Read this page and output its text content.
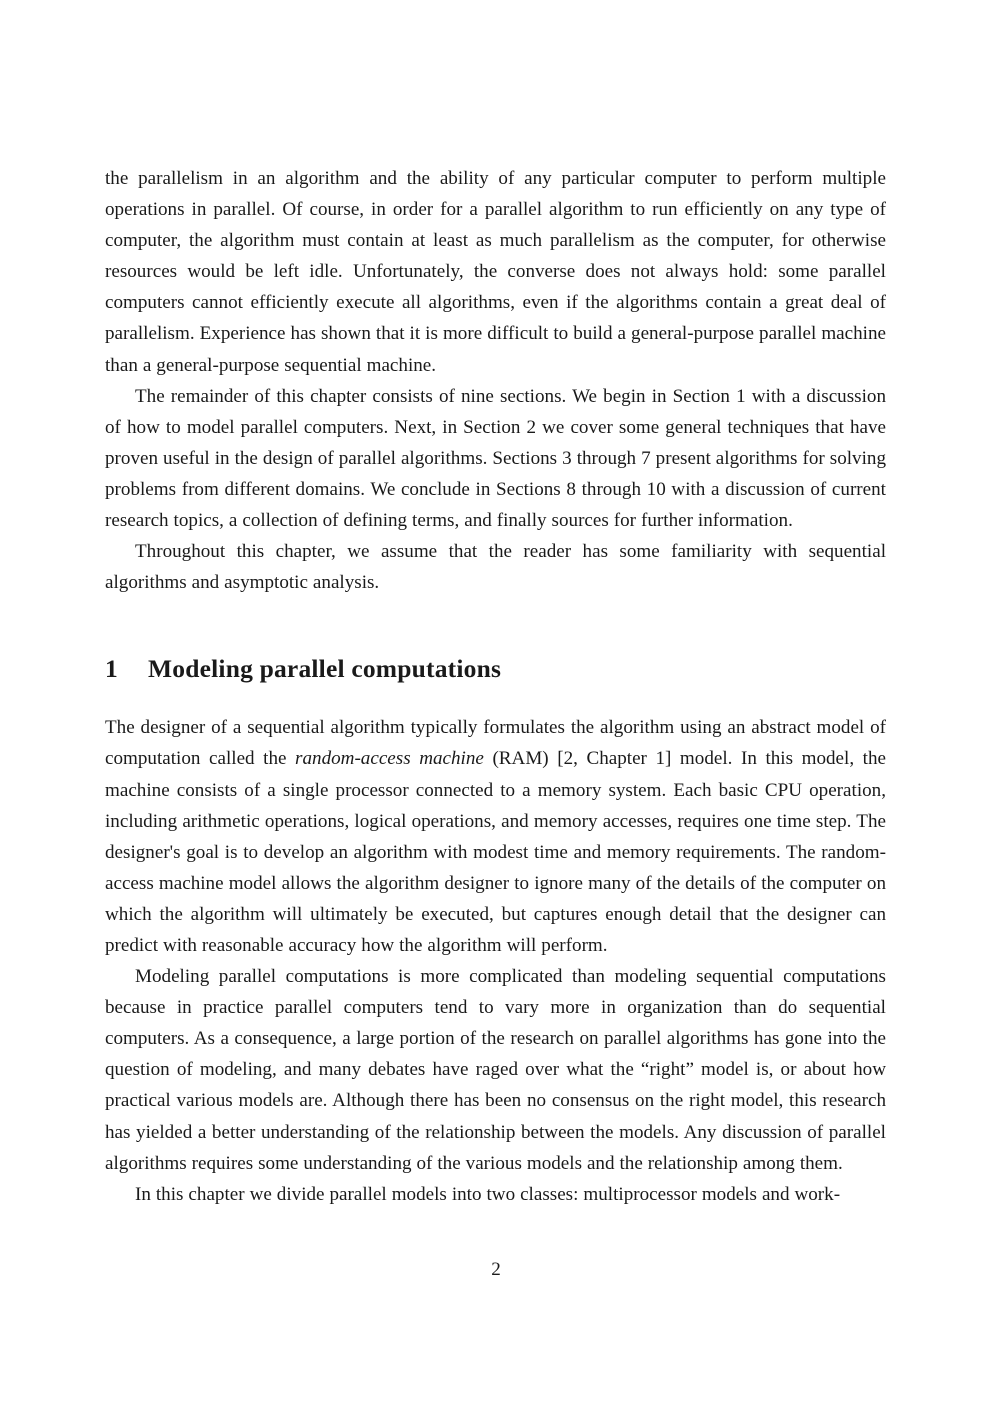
the parallelism in an algorithm and the ability of any particular computer to perform multiple operations in parallel. Of course, in order for a parallel algorithm to run efficiently on any type of computer, the algorithm must contain at least as much parallelism as the computer, for otherwise resources would be left idle. Unfortunately, the converse does not always hold: some parallel computers cannot efficiently execute all algorithms, even if the algorithms contain a great deal of parallelism. Experience has shown that it is more difficult to build a general-purpose parallel machine than a general-purpose sequential machine.

The remainder of this chapter consists of nine sections. We begin in Section 1 with a discussion of how to model parallel computers. Next, in Section 2 we cover some general techniques that have proven useful in the design of parallel algorithms. Sections 3 through 7 present algorithms for solving problems from different domains. We conclude in Sections 8 through 10 with a discussion of current research topics, a collection of defining terms, and finally sources for further information.

Throughout this chapter, we assume that the reader has some familiarity with sequential algorithms and asymptotic analysis.

1 Modeling parallel computations

The designer of a sequential algorithm typically formulates the algorithm using an abstract model of computation called the random-access machine (RAM) [2, Chapter 1] model. In this model, the machine consists of a single processor connected to a memory system. Each basic CPU operation, including arithmetic operations, logical operations, and memory accesses, requires one time step. The designer's goal is to develop an algorithm with modest time and memory requirements. The random-access machine model allows the algorithm designer to ignore many of the details of the computer on which the algorithm will ultimately be executed, but captures enough detail that the designer can predict with reasonable accuracy how the algorithm will perform.

Modeling parallel computations is more complicated than modeling sequential computations because in practice parallel computers tend to vary more in organization than do sequential computers. As a consequence, a large portion of the research on parallel algorithms has gone into the question of modeling, and many debates have raged over what the “right” model is, or about how practical various models are. Although there has been no consensus on the right model, this research has yielded a better understanding of the relationship between the models. Any discussion of parallel algorithms requires some understanding of the various models and the relationship among them.

In this chapter we divide parallel models into two classes: multiprocessor models and work-

2
